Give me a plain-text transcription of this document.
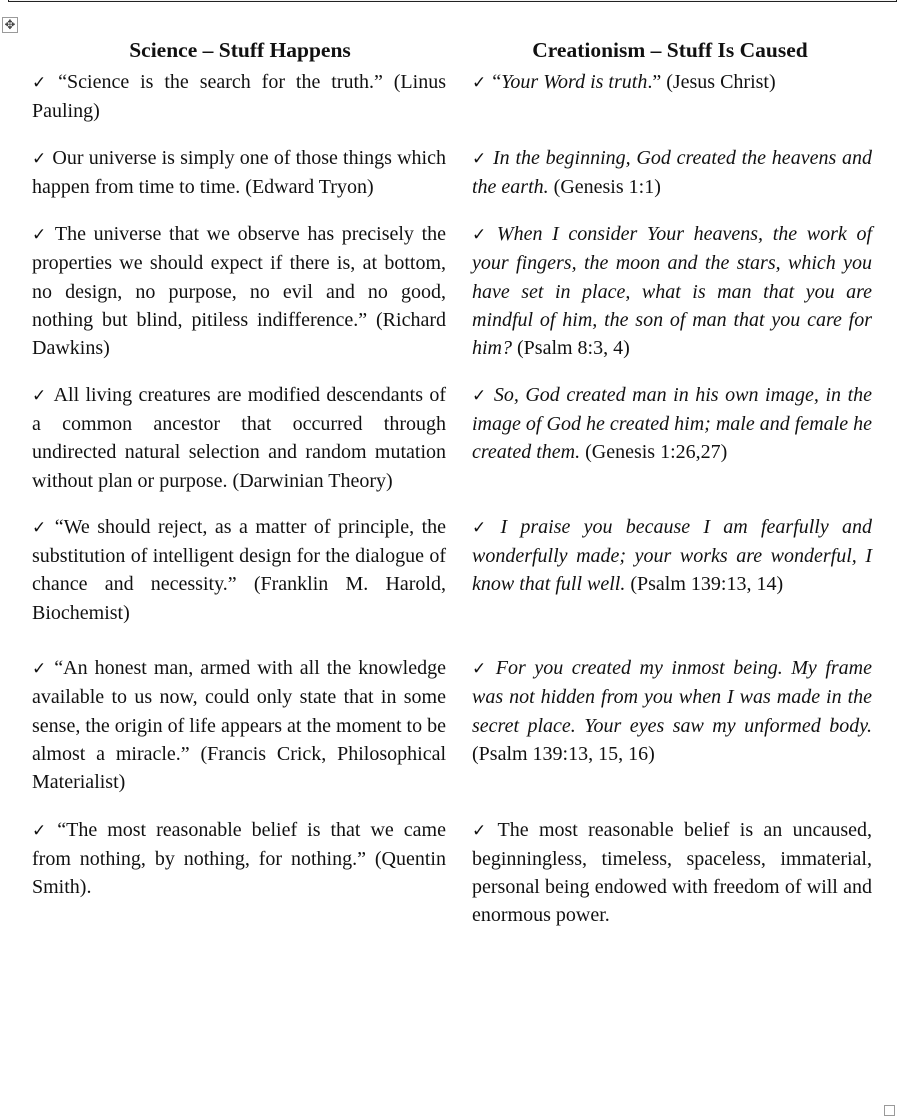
✥
Science – Stuff Happens	Creationism – Stuff Is Caused
✓ “Science is the search for the truth.” (Linus Pauling)	✓ “Your Word is truth.” (Jesus Christ)
✓ Our universe is simply one of those things which happen from time to time. (Edward Tryon)	✓ In the beginning, God created the heavens and the earth. (Genesis 1:1)
✓ The universe that we observe has precisely the properties we should expect if there is, at bottom, no design, no purpose, no evil and no good, nothing but blind, pitiless indifference.” (Richard Dawkins)	✓ When I consider Your heavens, the work of your fingers, the moon and the stars, which you have set in place, what is man that you are mindful of him, the son of man that you care for him? (Psalm 8:3, 4)
✓ All living creatures are modified descendants of a common ancestor that occurred through undirected natural selection and random mutation without plan or purpose. (Darwinian Theory)	✓ So, God created man in his own image, in the image of God he created him; male and female he created them. (Genesis 1:26,27)
✓ “We should reject, as a matter of principle, the substitution of intelligent design for the dialogue of chance and necessity.” (Franklin M. Harold, Biochemist)	✓ I praise you because I am fearfully and wonderfully made; your works are wonderful, I know that full well. (Psalm 139:13, 14)
✓ “An honest man, armed with all the knowledge available to us now, could only state that in some sense, the origin of life appears at the moment to be almost a miracle.” (Francis Crick, Philosophical Materialist)	✓ For you created my inmost being. My frame was not hidden from you when I was made in the secret place. Your eyes saw my unformed body. (Psalm 139:13, 15, 16)
✓ “The most reasonable belief is that we came from nothing, by nothing, for nothing.” (Quentin Smith).	✓ The most reasonable belief is an uncaused, beginningless, timeless, spaceless, immaterial, personal being endowed with freedom of will and enormous power.
